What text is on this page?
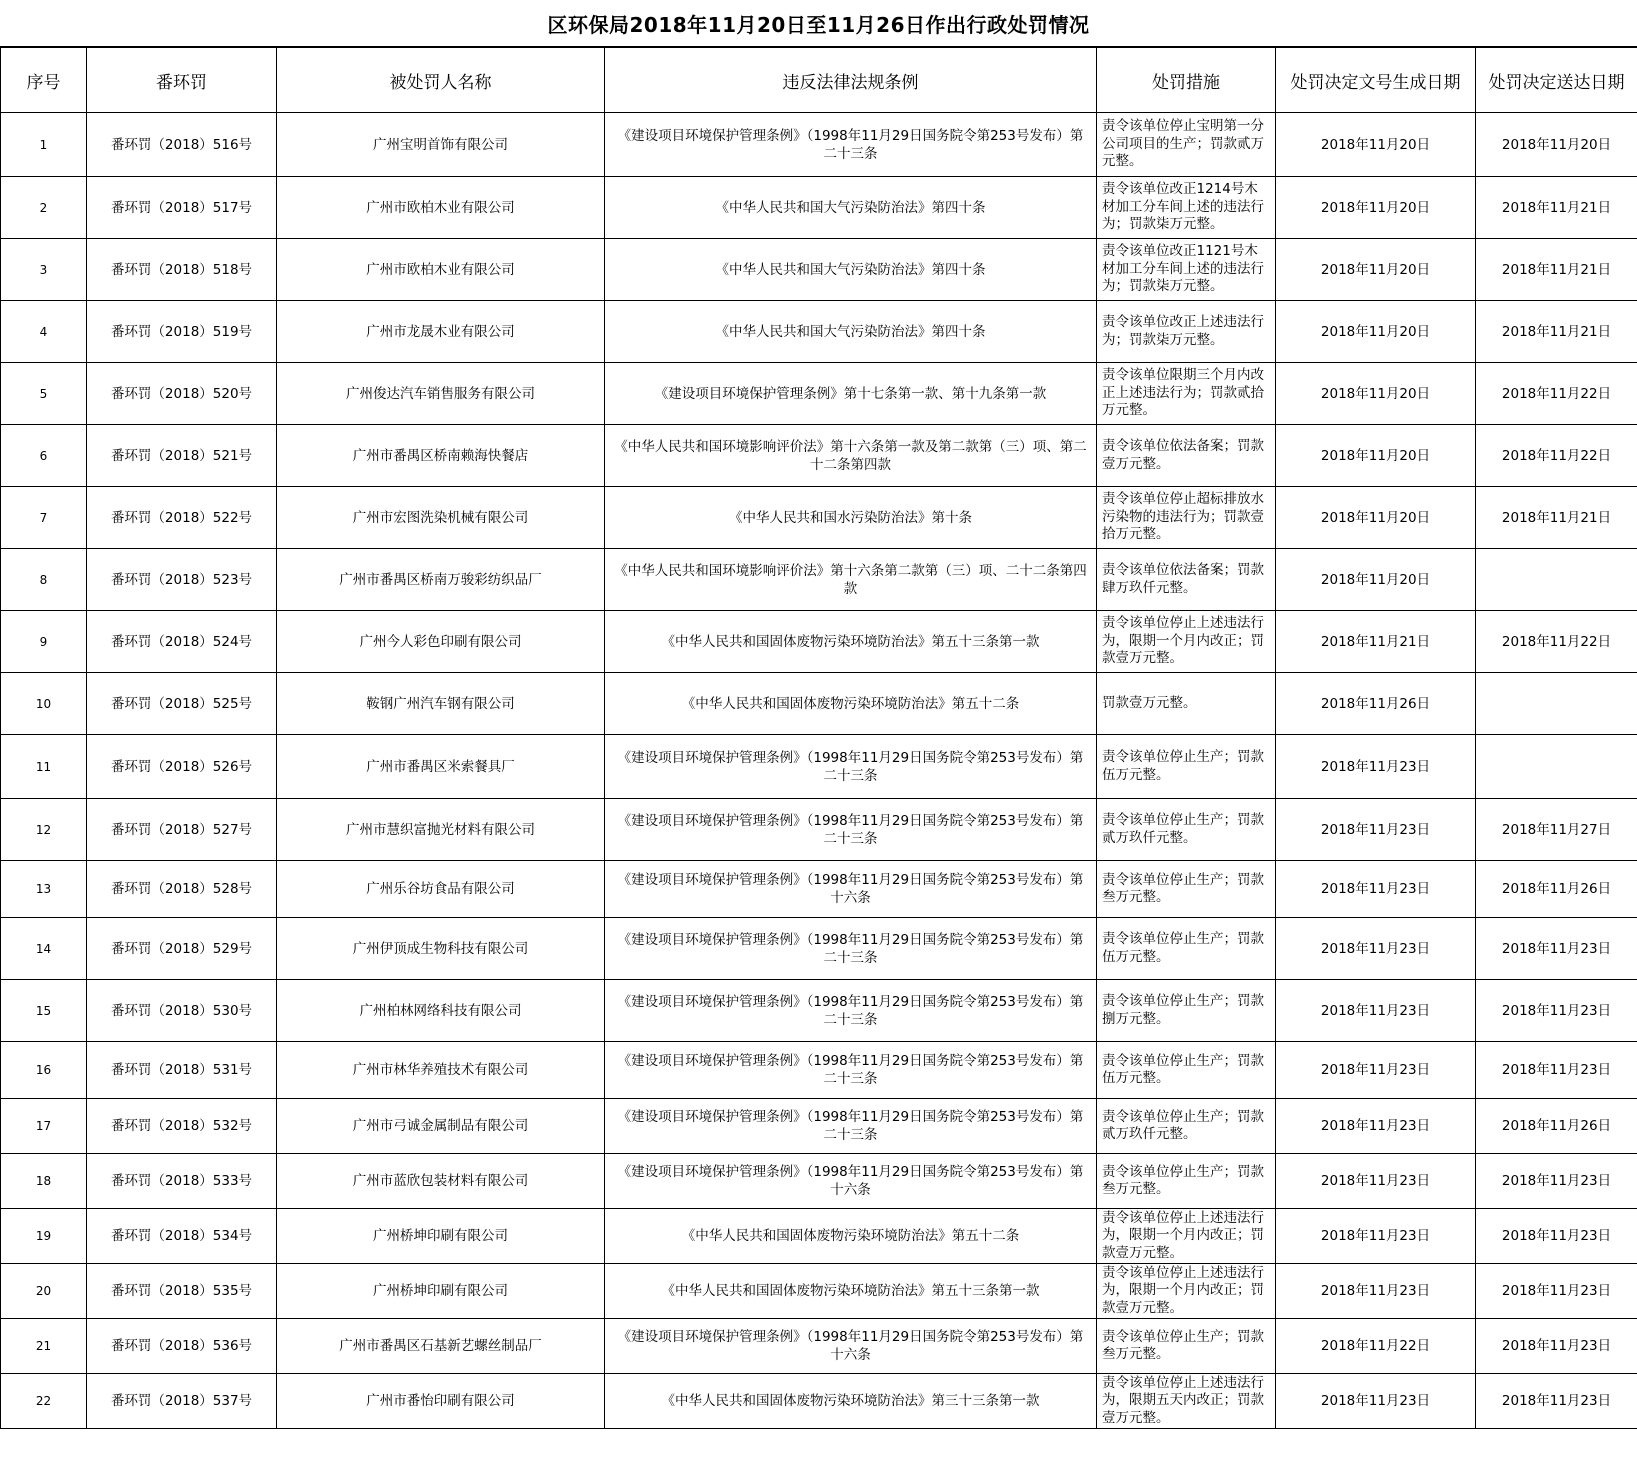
区环保局2018年11月20日至11月26日作出行政处罚情况
序号	番环罚	被处罚人名称	违反法律法规条例	处罚措施	处罚决定文号生成日期	处罚决定送达日期
1	番环罚（2018）516号	广州宝明首饰有限公司	《建设项目环境保护管理条例》（1998年11月29日国务院令第253号发布）第二十三条	责令该单位停止宝明第一分公司项目的生产；罚款贰万元整。	2018年11月20日	2018年11月20日
2	番环罚（2018）517号	广州市欧柏木业有限公司	《中华人民共和国大气污染防治法》第四十条	责令该单位改正1214号木材加工分车间上述的违法行为；罚款柒万元整。	2018年11月20日	2018年11月21日
3	番环罚（2018）518号	广州市欧柏木业有限公司	《中华人民共和国大气污染防治法》第四十条	责令该单位改正1121号木材加工分车间上述的违法行为；罚款柒万元整。	2018年11月20日	2018年11月21日
4	番环罚（2018）519号	广州市龙晟木业有限公司	《中华人民共和国大气污染防治法》第四十条	责令该单位改正上述违法行为；罚款柒万元整。	2018年11月20日	2018年11月21日
5	番环罚（2018）520号	广州俊达汽车销售服务有限公司	《建设项目环境保护管理条例》第十七条第一款、第十九条第一款	责令该单位限期三个月内改正上述违法行为；罚款贰拾万元整。	2018年11月20日	2018年11月22日
6	番环罚（2018）521号	广州市番禺区桥南赖海快餐店	《中华人民共和国环境影响评价法》第十六条第一款及第二款第（三）项、第二十二条第四款	责令该单位依法备案；罚款壹万元整。	2018年11月20日	2018年11月22日
7	番环罚（2018）522号	广州市宏图洗染机械有限公司	《中华人民共和国水污染防治法》第十条	责令该单位停止超标排放水污染物的违法行为；罚款壹拾万元整。	2018年11月20日	2018年11月21日
8	番环罚（2018）523号	广州市番禺区桥南万骏彩纺织品厂	《中华人民共和国环境影响评价法》第十六条第二款第（三）项、二十二条第四款	责令该单位依法备案；罚款肆万玖仟元整。	2018年11月20日	
9	番环罚（2018）524号	广州今人彩色印刷有限公司	《中华人民共和国固体废物污染环境防治法》第五十三条第一款	责令该单位停止上述违法行为，限期一个月内改正；罚款壹万元整。	2018年11月21日	2018年11月22日
10	番环罚（2018）525号	鞍钢广州汽车钢有限公司	《中华人民共和国固体废物污染环境防治法》第五十二条	罚款壹万元整。	2018年11月26日	
11	番环罚（2018）526号	广州市番禺区米索餐具厂	《建设项目环境保护管理条例》（1998年11月29日国务院令第253号发布）第二十三条	责令该单位停止生产；罚款伍万元整。	2018年11月23日	
12	番环罚（2018）527号	广州市慧织富抛光材料有限公司	《建设项目环境保护管理条例》（1998年11月29日国务院令第253号发布）第二十三条	责令该单位停止生产；罚款贰万玖仟元整。	2018年11月23日	2018年11月27日
13	番环罚（2018）528号	广州乐谷坊食品有限公司	《建设项目环境保护管理条例》（1998年11月29日国务院令第253号发布）第十六条	责令该单位停止生产；罚款叁万元整。	2018年11月23日	2018年11月26日
14	番环罚（2018）529号	广州伊顶成生物科技有限公司	《建设项目环境保护管理条例》（1998年11月29日国务院令第253号发布）第二十三条	责令该单位停止生产；罚款伍万元整。	2018年11月23日	2018年11月23日
15	番环罚（2018）530号	广州柏林网络科技有限公司	《建设项目环境保护管理条例》（1998年11月29日国务院令第253号发布）第二十三条	责令该单位停止生产；罚款捌万元整。	2018年11月23日	2018年11月23日
16	番环罚（2018）531号	广州市林华养殖技术有限公司	《建设项目环境保护管理条例》（1998年11月29日国务院令第253号发布）第二十三条	责令该单位停止生产；罚款伍万元整。	2018年11月23日	2018年11月23日
17	番环罚（2018）532号	广州市弓诚金属制品有限公司	《建设项目环境保护管理条例》（1998年11月29日国务院令第253号发布）第二十三条	责令该单位停止生产；罚款贰万玖仟元整。	2018年11月23日	2018年11月26日
18	番环罚（2018）533号	广州市蓝欣包装材料有限公司	《建设项目环境保护管理条例》（1998年11月29日国务院令第253号发布）第十六条	责令该单位停止生产；罚款叁万元整。	2018年11月23日	2018年11月23日
19	番环罚（2018）534号	广州桥坤印刷有限公司	《中华人民共和国固体废物污染环境防治法》第五十二条	责令该单位停止上述违法行为，限期一个月内改正；罚款壹万元整。	2018年11月23日	2018年11月23日
20	番环罚（2018）535号	广州桥坤印刷有限公司	《中华人民共和国固体废物污染环境防治法》第五十三条第一款	责令该单位停止上述违法行为，限期一个月内改正；罚款壹万元整。	2018年11月23日	2018年11月23日
21	番环罚（2018）536号	广州市番禺区石基新艺螺丝制品厂	《建设项目环境保护管理条例》（1998年11月29日国务院令第253号发布）第十六条	责令该单位停止生产；罚款叁万元整。	2018年11月22日	2018年11月23日
22	番环罚（2018）537号	广州市番怡印刷有限公司	《中华人民共和国固体废物污染环境防治法》第三十三条第一款	责令该单位停止上述违法行为，限期五天内改正；罚款壹万元整。	2018年11月23日	2018年11月23日
